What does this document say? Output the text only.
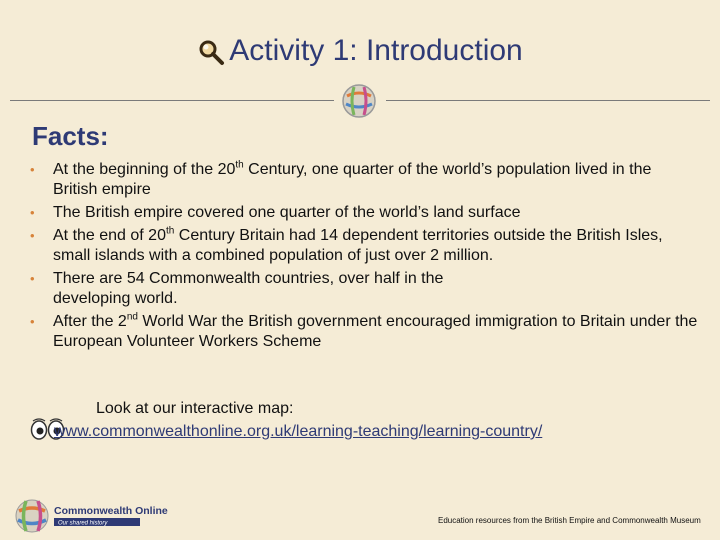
Activity 1: Introduction
Facts:
• At the beginning of the 20th Century, one quarter of the world’s population lived in the British empire
• The British empire covered one quarter of the world’s land surface
• At the end of 20th Century Britain had 14 dependent territories outside the British Isles, small islands with a combined population of just over 2 million.
• There are 54 Commonwealth countries, over half in the developing world.
• After the 2nd World War the British government encouraged immigration to Britain under the European Volunteer Workers Scheme
Look at our interactive map:
www.commonwealthonline.org.uk/learning-teaching/learning-country/
Commonwealth Online
Our shared history	Education resources from the British Empire and Commonwealth Museum
